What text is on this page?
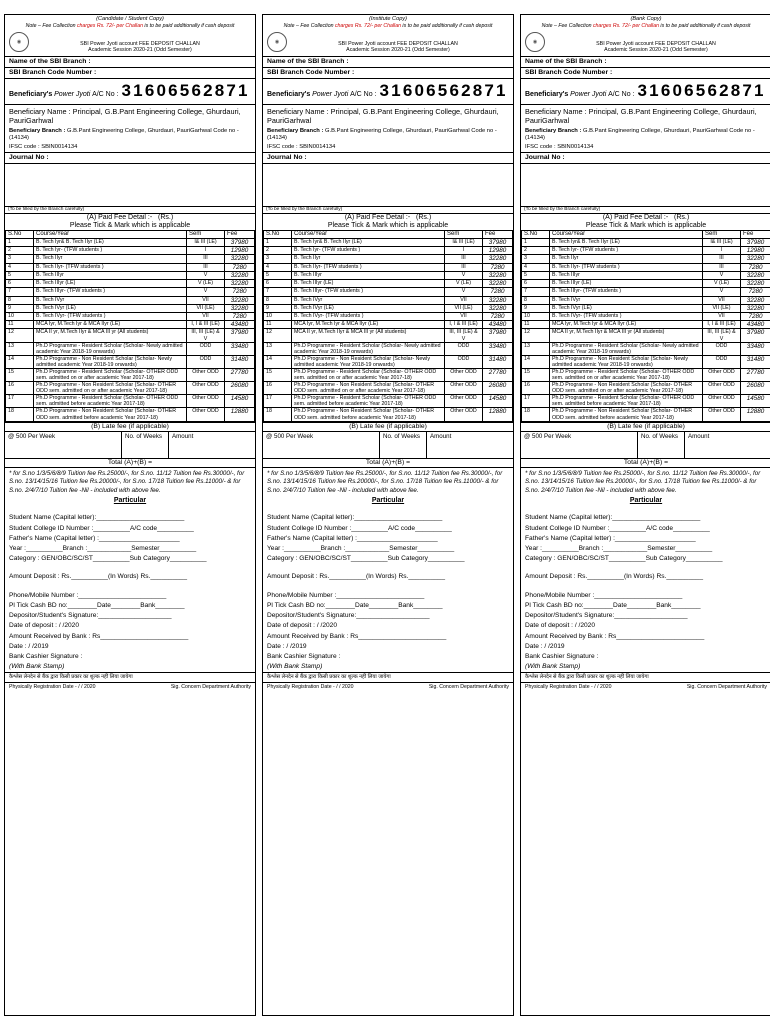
(Candidate / Student Copy)
Note – Fee Collection charges Rs. 72/- per Challan is to be paid additionally if cash deposit
◉	SBI Power Jyoti account FEE DEPOSIT CHALLAN
Academic Session 2020-21 (Odd Semester)
Name of the SBI Branch :
SBI Branch Code Number :
Beneficiary's
Power Jyoti
A/C No : 31606562871
Beneficiary Name : Principal, G.B.Pant Engineering College, Ghurdauri, PauriGarhwal
Beneficiary Branch : G.B.Pant Engineering College, Ghurdauri, PauriGarhwal Code no - (14134)
IFSC code : SBIN0014134
Journal No :
(To be filled by the Branch carefully)
(A) Paid Fee Detail :- (Rs.)
Please Tick & Mark which is applicable
S.No	Course/Year	Sem	Fee
1	B. Tech Iyr& B. Tech IIyr (LE)	I& III (LE)	37980
2	B. Tech Iyr- (TFW students )	I	12980
3	B. Tech IIyr	III	32280
4	B. Tech IIyr- (TFW students )	III	7280
5	B. Tech IIIyr	V	32280
6	B. Tech IIIyr (LE)	V (LE)	32280
7	B. Tech IIIyr- (TFW students )	V	7280
8	B. Tech IVyr	VII	32280
9	B. Tech IVyr (LE)	VII (LE)	32280
10	B. Tech IVyr- (TFW students )	VII	7280
11	MCA Iyr, M.Tech Iyr & MCA IIyr (LE)	I, I & III (LE)	43480
12	MCA II yr, M.Tech IIyr & MCA III yr (All students)	III, III (LE) & V	37980
13	Ph.D Programme - Resident Scholar (Scholar- Newly admitted academic Year 2018-19 onwards)	ODD	33480
14	Ph.D Programme - Non Resident Scholar (Scholar- Newly admitted academic Year 2018-19 onwards)	ODD	31480
15	Ph.D Programme - Resident Scholar (Scholar- OTHER ODD sem. admitted on or after academic Year 2017-18)	Other ODD	27780
16	Ph.D Programme - Non Resident Scholar (Scholar- OTHER ODD sem. admitted on or after academic Year 2017-18)	Other ODD	26080
17	Ph.D Programme - Resident Scholar (Scholar- OTHER ODD sem. admitted before academic Year 2017-18)	Other ODD	14580
18	Ph.D Programme - Non Resident Scholar (Scholar- OTHER ODD sem. admitted before academic Year 2017-18)	Other ODD	12880
(B) Late fee (if applicable)
@ 500 Per Week	No. of Weeks	Amount
Total (A)+(B) =
* for S.no 1/3/5/6/8/9 Tuition fee Rs.25000/-, for S.no. 11/12 Tuition fee Rs.30000/-, for S.no. 13/14/15/16 Tuition fee Rs.20000/-, for S.no. 17/18 Tuition fee Rs.11000/- & for S.no. 2/4/7/10 Tuition fee -Nil - included with above fee.
Particular
Student Name (Capital letter):________________________
Student College ID Number :__________A/C code__________
Father's Name (Capital letter) :______________________
Year :__________Branch :____________Semester__________
Category : GEN/OBC/SC/ST__________Sub Category__________
Amount Deposit : Rs.__________(In Words) Rs.__________
Phone/Mobile Number :________________________
Pl Tick Cash BD no:________Date________Bank________
Depositor/Student's Signature:____________________
Date of deposit : / /2020
Amount Received by Bank : Rs________________________
Date : / /2019
Bank Cashier Signature :
(With Bank Stamp)
कैश्लेस लेनदेन से बैंक द्वारा किसी प्रकार का शुल्क नहीं लिया जायेगा
Physically Registration Date - / / 2020	Sig. Concern Department Authority
(Institute Copy)
Note – Fee Collection charges Rs. 72/- per Challan is to be paid additionally if cash deposit
◉	SBI Power Jyoti account FEE DEPOSIT CHALLAN
Academic Session 2020-21 (Odd Semester)
Name of the SBI Branch :
SBI Branch Code Number :
Beneficiary's
Power Jyoti
A/C No : 31606562871
Beneficiary Name : Principal, G.B.Pant Engineering College, Ghurdauri, PauriGarhwal
Beneficiary Branch : G.B.Pant Engineering College, Ghurdauri, PauriGarhwal Code no - (14134)
IFSC code : SBIN0014134
Journal No :
(To be filled by the Branch carefully)
(A) Paid Fee Detail :- (Rs.)
Please Tick & Mark which is applicable
S.No	Course/Year	Sem	Fee
1	B. Tech Iyr& B. Tech IIyr (LE)	I& III (LE)	37980
2	B. Tech Iyr- (TFW students )	I	12980
3	B. Tech IIyr	III	32280
4	B. Tech IIyr- (TFW students )	III	7280
5	B. Tech IIIyr	V	32280
6	B. Tech IIIyr (LE)	V (LE)	32280
7	B. Tech IIIyr- (TFW students )	V	7280
8	B. Tech IVyr	VII	32280
9	B. Tech IVyr (LE)	VII (LE)	32280
10	B. Tech IVyr- (TFW students )	VII	7280
11	MCA Iyr, M.Tech Iyr & MCA IIyr (LE)	I, I & III (LE)	43480
12	MCA II yr, M.Tech IIyr & MCA III yr (All students)	III, III (LE) & V	37980
13	Ph.D Programme - Resident Scholar (Scholar- Newly admitted academic Year 2018-19 onwards)	ODD	33480
14	Ph.D Programme - Non Resident Scholar (Scholar- Newly admitted academic Year 2018-19 onwards)	ODD	31480
15	Ph.D Programme - Resident Scholar (Scholar- OTHER ODD sem. admitted on or after academic Year 2017-18)	Other ODD	27780
16	Ph.D Programme - Non Resident Scholar (Scholar- OTHER ODD sem. admitted on or after academic Year 2017-18)	Other ODD	26080
17	Ph.D Programme - Resident Scholar (Scholar- OTHER ODD sem. admitted before academic Year 2017-18)	Other ODD	14580
18	Ph.D Programme - Non Resident Scholar (Scholar- OTHER ODD sem. admitted before academic Year 2017-18)	Other ODD	12880
(B) Late fee (if applicable)
@ 500 Per Week	No. of Weeks	Amount
Total (A)+(B) =
* for S.no 1/3/5/6/8/9 Tuition fee Rs.25000/-, for S.no. 11/12 Tuition fee Rs.30000/-, for S.no. 13/14/15/16 Tuition fee Rs.20000/-, for S.no. 17/18 Tuition fee Rs.11000/- & for S.no. 2/4/7/10 Tuition fee -Nil - included with above fee.
Particular
Student Name (Capital letter):________________________
Student College ID Number :__________A/C code__________
Father's Name (Capital letter) :______________________
Year :__________Branch :____________Semester__________
Category : GEN/OBC/SC/ST__________Sub Category__________
Amount Deposit : Rs.__________(In Words) Rs.__________
Phone/Mobile Number :________________________
Pl Tick Cash BD no:________Date________Bank________
Depositor/Student's Signature:____________________
Date of deposit : / /2020
Amount Received by Bank : Rs________________________
Date : / /2019
Bank Cashier Signature :
(With Bank Stamp)
कैश्लेस लेनदेन से बैंक द्वारा किसी प्रकार का शुल्क नहीं लिया जायेगा
Physically Registration Date - / / 2020	Sig. Concern Department Authority
(Bank Copy)
Note – Fee Collection charges Rs. 72/- per Challan is to be paid additionally if cash deposit
◉	SBI Power Jyoti account FEE DEPOSIT CHALLAN
Academic Session 2020-21 (Odd Semester)
Name of the SBI Branch :
SBI Branch Code Number :
Beneficiary's
Power Jyoti
A/C No : 31606562871
Beneficiary Name : Principal, G.B.Pant Engineering College, Ghurdauri, PauriGarhwal
Beneficiary Branch : G.B.Pant Engineering College, Ghurdauri, PauriGarhwal Code no - (14134)
IFSC code : SBIN0014134
Journal No :
(To be filled by the Branch carefully)
(A) Paid Fee Detail :- (Rs.)
Please Tick & Mark which is applicable
S.No	Course/Year	Sem	Fee
1	B. Tech Iyr& B. Tech IIyr (LE)	I& III (LE)	37980
2	B. Tech Iyr- (TFW students )	I	12980
3	B. Tech IIyr	III	32280
4	B. Tech IIyr- (TFW students )	III	7280
5	B. Tech IIIyr	V	32280
6	B. Tech IIIyr (LE)	V (LE)	32280
7	B. Tech IIIyr- (TFW students )	V	7280
8	B. Tech IVyr	VII	32280
9	B. Tech IVyr (LE)	VII (LE)	32280
10	B. Tech IVyr- (TFW students )	VII	7280
11	MCA Iyr, M.Tech Iyr & MCA IIyr (LE)	I, I & III (LE)	43480
12	MCA II yr, M.Tech IIyr & MCA III yr (All students)	III, III (LE) & V	37980
13	Ph.D Programme - Resident Scholar (Scholar- Newly admitted academic Year 2018-19 onwards)	ODD	33480
14	Ph.D Programme - Non Resident Scholar (Scholar- Newly admitted academic Year 2018-19 onwards)	ODD	31480
15	Ph.D Programme - Resident Scholar (Scholar- OTHER ODD sem. admitted on or after academic Year 2017-18)	Other ODD	27780
16	Ph.D Programme - Non Resident Scholar (Scholar- OTHER ODD sem. admitted on or after academic Year 2017-18)	Other ODD	26080
17	Ph.D Programme - Resident Scholar (Scholar- OTHER ODD sem. admitted before academic Year 2017-18)	Other ODD	14580
18	Ph.D Programme - Non Resident Scholar (Scholar- OTHER ODD sem. admitted before academic Year 2017-18)	Other ODD	12880
(B) Late fee (if applicable)
@ 500 Per Week	No. of Weeks	Amount
Total (A)+(B) =
* for S.no 1/3/5/6/8/9 Tuition fee Rs.25000/-, for S.no. 11/12 Tuition fee Rs.30000/-, for S.no. 13/14/15/16 Tuition fee Rs.20000/-, for S.no. 17/18 Tuition fee Rs.11000/- & for S.no. 2/4/7/10 Tuition fee -Nil - included with above fee.
Particular
Student Name (Capital letter):________________________
Student College ID Number :__________A/C code__________
Father's Name (Capital letter) :______________________
Year :__________Branch :____________Semester__________
Category : GEN/OBC/SC/ST__________Sub Category__________
Amount Deposit : Rs.__________(In Words) Rs.__________
Phone/Mobile Number :________________________
Pl Tick Cash BD no:________Date________Bank________
Depositor/Student's Signature:____________________
Date of deposit : / /2020
Amount Received by Bank : Rs________________________
Date : / /2019
Bank Cashier Signature :
(With Bank Stamp)
कैश्लेस लेनदेन से बैंक द्वारा किसी प्रकार का शुल्क नहीं लिया जायेगा
Physically Registration Date - / / 2020	Sig. Concern Department Authority
